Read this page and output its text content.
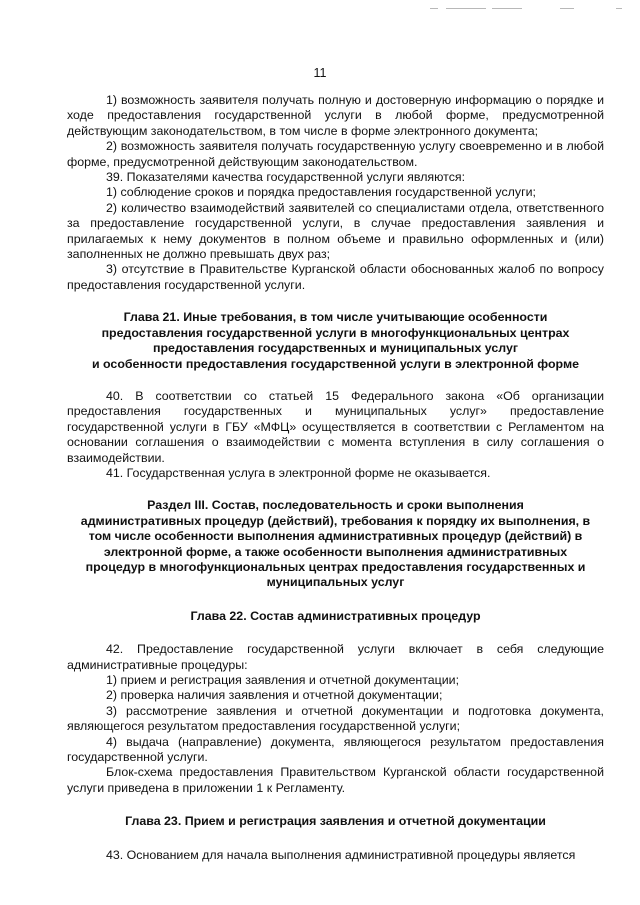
11

1) возможность заявителя получать полную и достоверную информацию о порядке и ходе предоставления государственной услуги в любой форме, предусмотренной действующим законодательством, в том числе в форме электронного документа;

2) возможность заявителя получать государственную услугу своевременно и в любой форме, предусмотренной действующим законодательством.

39. Показателями качества государственной услуги являются:

1) соблюдение сроков и порядка предоставления государственной услуги;

2) количество взаимодействий заявителей со специалистами отдела, ответственного за предоставление государственной услуги, в случае предоставления заявления и прилагаемых к нему документов в полном объеме и правильно оформленных и (или) заполненных не должно превышать двух раз;

3) отсутствие в Правительстве Курганской области обоснованных жалоб по вопросу предоставления государственной услуги.

Глава 21. Иные требования, в том числе учитывающие особенности

предоставления государственной услуги в многофункциональных центрах

предоставления государственных и муниципальных услуг

и особенности предоставления государственной услуги в электронной форме

40. В соответствии со статьей 15 Федерального закона «Об организации предоставления государственных и муниципальных услуг» предоставление государственной услуги в ГБУ «МФЦ» осуществляется в соответствии с Регламентом на основании соглашения о взаимодействии с момента вступления в силу соглашения о взаимодействии.

41. Государственная услуга в электронной форме не оказывается.

Раздел III. Состав, последовательность и сроки выполнения

административных процедур (действий), требования к порядку их выполнения, в

том числе особенности выполнения административных процедур (действий) в

электронной форме, а также особенности выполнения административных

процедур в многофункциональных центрах предоставления государственных и

муниципальных услуг

Глава 22. Состав административных процедур

42. Предоставление государственной услуги включает в себя следующие административные процедуры:

1) прием и регистрация заявления и отчетной документации;

2) проверка наличия заявления и отчетной документации;

3) рассмотрение заявления и отчетной документации и подготовка документа, являющегося результатом предоставления государственной услуги;

4) выдача (направление) документа, являющегося результатом предоставления государственной услуги.

Блок-схема предоставления Правительством Курганской области государственной услуги приведена в приложении 1 к Регламенту.

Глава 23. Прием и регистрация заявления и отчетной документации

43. Основанием для начала выполнения административной процедуры является
